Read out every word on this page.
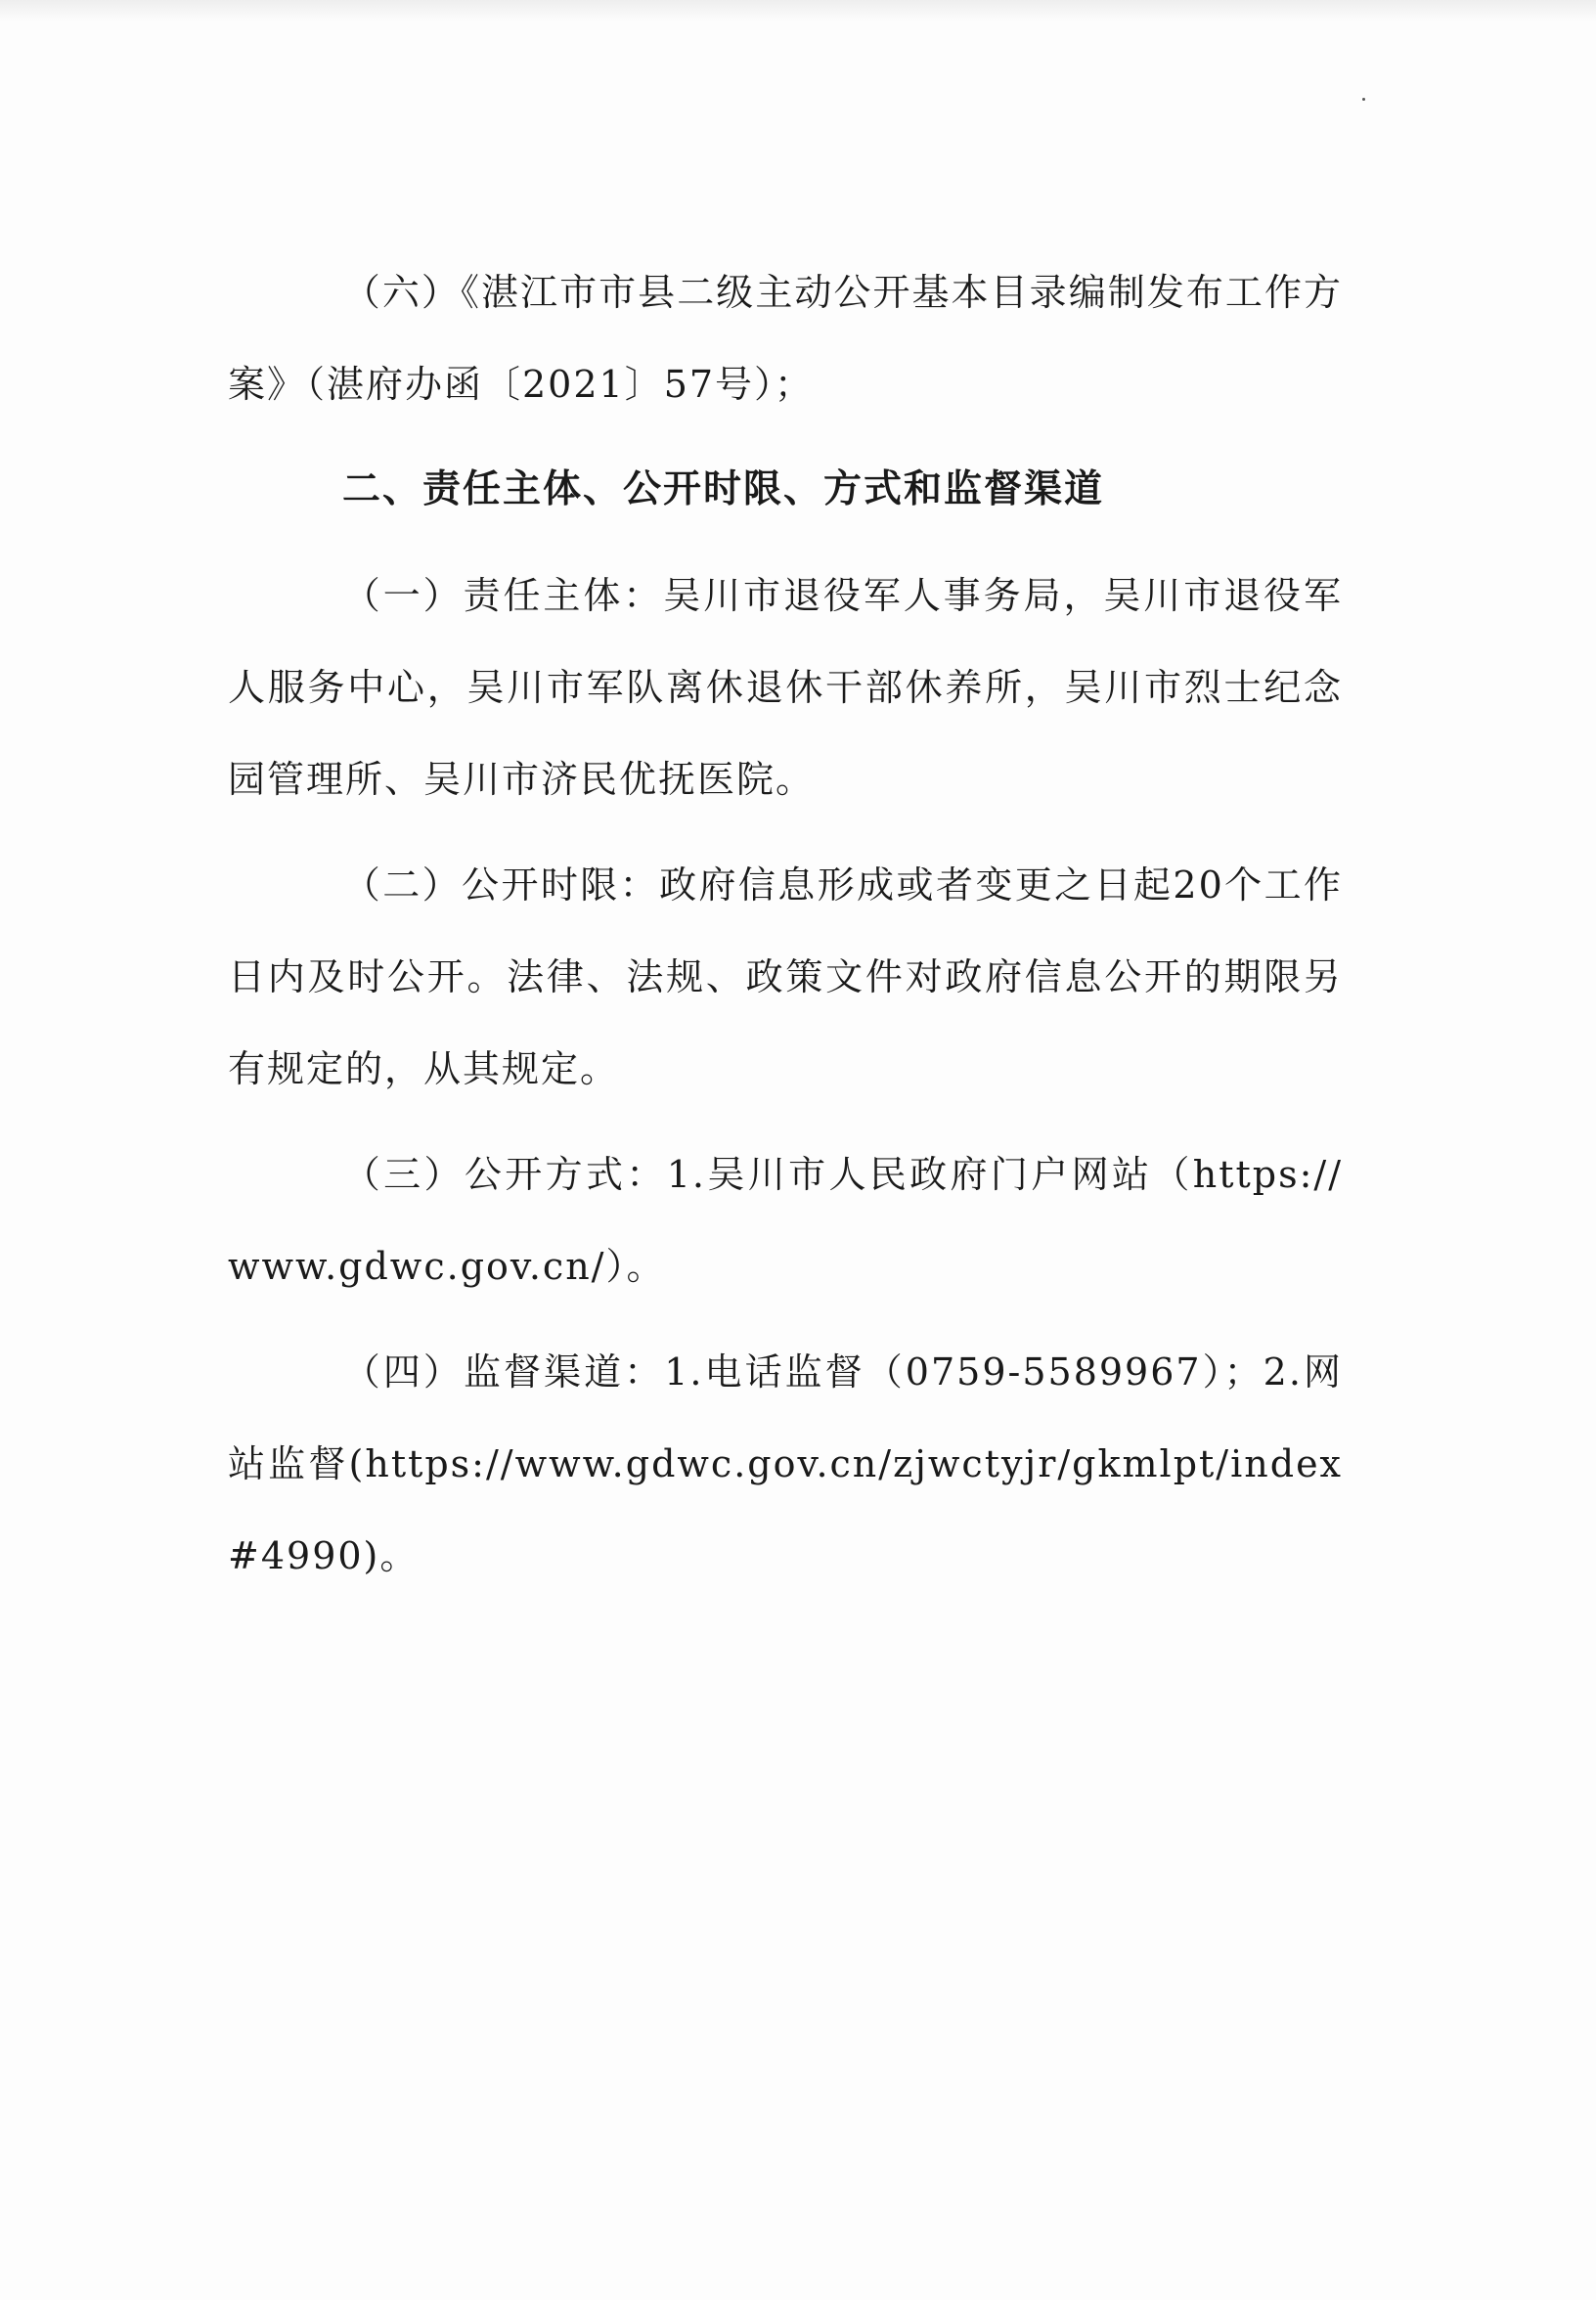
（六）《湛江市市县二级主动公开基本目录编制发布工作方案》（湛府办函〔2021〕57号）；

二、责任主体、公开时限、方式和监督渠道

（一）责任主体：吴川市退役军人事务局，吴川市退役军人服务中心，吴川市军队离休退休干部休养所，吴川市烈士纪念园管理所、吴川市济民优抚医院。

（二）公开时限：政府信息形成或者变更之日起20个工作日内及时公开。法律、法规、政策文件对政府信息公开的期限另有规定的，从其规定。

（三）公开方式：1.吴川市人民政府门户网站（https://www.gdwc.gov.cn/）。

（四）监督渠道：1.电话监督（0759-5589967）；2.网站监督(https://www.gdwc.gov.cn/zjwctyjr/gkmlpt/index#4990)。
